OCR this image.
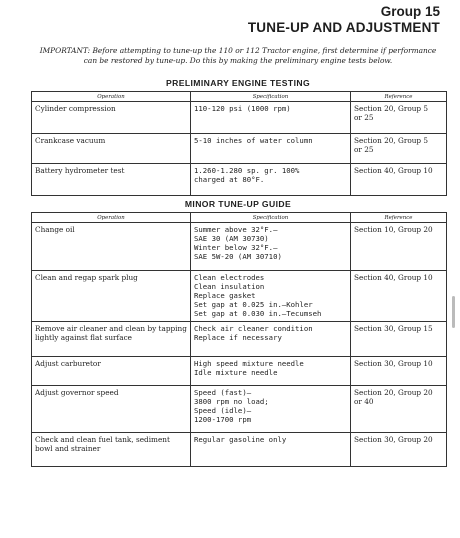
Group 15
TUNE-UP AND ADJUSTMENT
IMPORTANT: Before attempting to tune-up the 110 or 112 Tractor engine, first determine if performance can be restored by tune-up. Do this by making the preliminary engine tests below.
PRELIMINARY ENGINE TESTING
Operation	Specification	Reference
Cylinder compression	110-120 psi (1000 rpm)	Section 20, Group 5
or 25

Crankcase vacuum	5-10 inches of water column	Section 20, Group 5
or 25

Battery hydrometer test	1.260-1.280 sp. gr. 100%
charged at 80°F.	Section 40, Group 10
MINOR TUNE-UP GUIDE
Operation	Specification	Reference
Change oil	Summer above 32°F.—
SAE 30 (AM 30730)
Winter below 32°F.—
SAE 5W-20 (AM 30710)	Section 10, Group 20

Clean and regap spark plug	Clean electrodes
Clean insulation
Replace gasket
Set gap at 0.025 in.—Kohler
Set gap at 0.030 in.—Tecumseh	Section 40, Group 10

Remove air cleaner and clean by tapping lightly against flat surface	Check air cleaner condition
Replace if necessary	Section 30, Group 15

Adjust carburetor	High speed mixture needle
Idle mixture needle	Section 30, Group 10

Adjust governor speed	Speed (fast)—
3800 rpm no load;
Speed (idle)—
1200-1700 rpm	Section 20, Group 20
or 40

Check and clean fuel tank, sediment bowl and strainer	Regular gasoline only	Section 30, Group 20
